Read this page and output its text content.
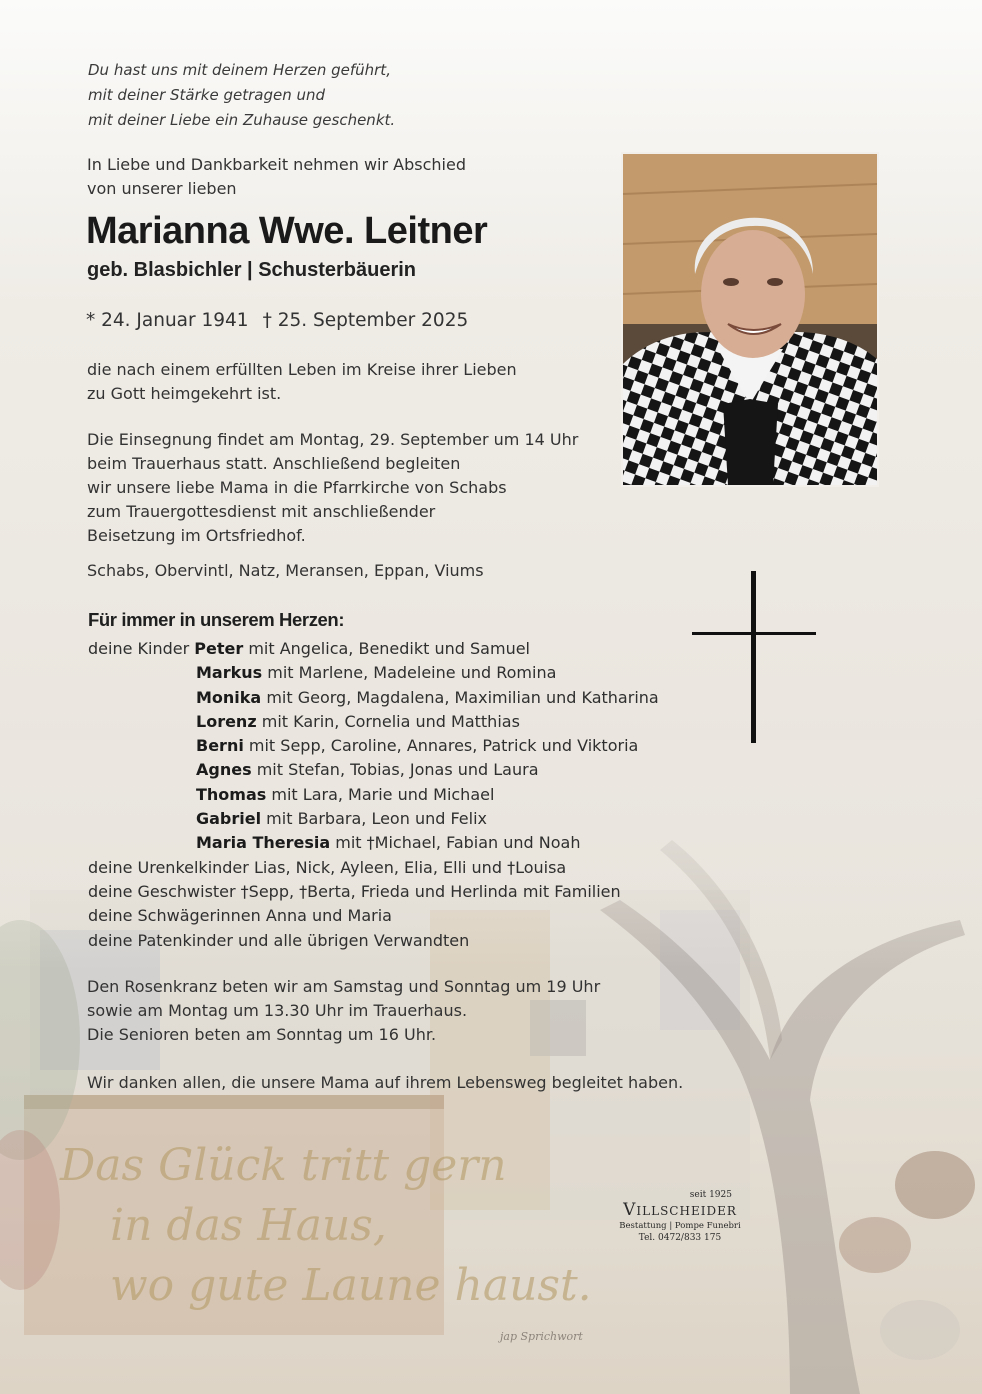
jap Sprichwort
Du hast uns mit deinem Herzen geführt,
mit deiner Stärke getragen und
mit deiner Liebe ein Zuhause geschenkt.
In Liebe und Dankbarkeit nehmen wir Abschied
von unserer lieben
Marianna Wwe. Leitner
geb. Blasbichler | Schusterbäuerin
* 24. Januar 1941 † 25. September 2025
die nach einem erfüllten Leben im Kreise ihrer Lieben
zu Gott heimgekehrt ist.
Die Einsegnung findet am Montag, 29. September um 14 Uhr
beim Trauerhaus statt. Anschließend begleiten
wir unsere liebe Mama in die Pfarrkirche von Schabs
zum Trauergottesdienst mit anschließender
Beisetzung im Ortsfriedhof.
Schabs, Obervintl, Natz, Meransen, Eppan, Viums
Für immer in unserem Herzen:
deine Kinder Peter mit Angelica, Benedikt und Samuel
Markus mit Marlene, Madeleine und Romina
Monika mit Georg, Magdalena, Maximilian und Katharina
Lorenz mit Karin, Cornelia und Matthias
Berni mit Sepp, Caroline, Annares, Patrick und Viktoria
Agnes mit Stefan, Tobias, Jonas und Laura
Thomas mit Lara, Marie und Michael
Gabriel mit Barbara, Leon und Felix
Maria Theresia mit †Michael, Fabian und Noah
deine Urenkelkinder Lias, Nick, Ayleen, Elia, Elli und †Louisa
deine Geschwister †Sepp, †Berta, Frieda und Herlinda mit Familien
deine Schwägerinnen Anna und Maria
deine Patenkinder und alle übrigen Verwandten
Den Rosenkranz beten wir am Samstag und Sonntag um 19 Uhr
sowie am Montag um 13.30 Uhr im Trauerhaus.
Die Senioren beten am Sonntag um 16 Uhr.
Wir danken allen, die unsere Mama auf ihrem Lebensweg begleitet haben.
seit 1925
Villscheider
Bestattung | Pompe Funebri
Tel. 0472/833 175
